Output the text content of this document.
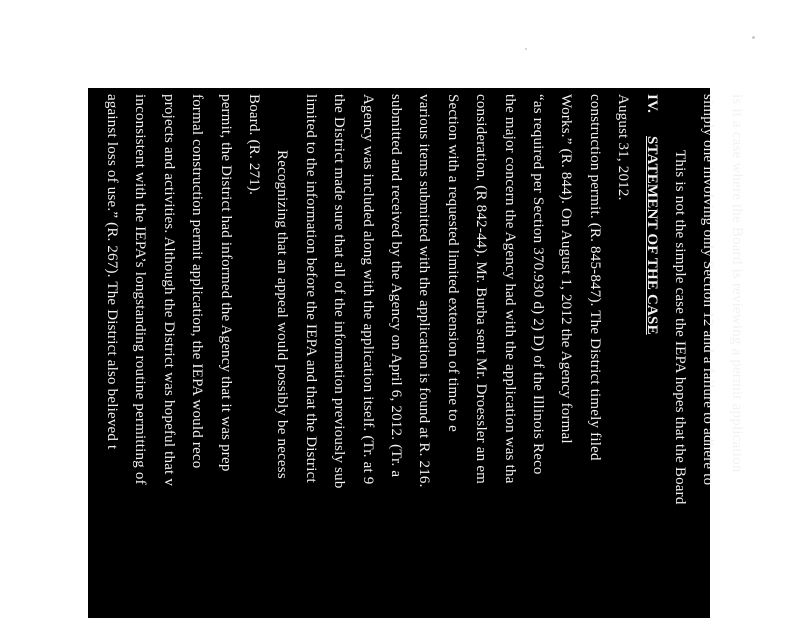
against loss of use.” (R. 267). The District also believed t inconsistent with the IEPA’s longstanding routine permitting of projects and activities. Although the District was hopeful that v formal construction permit application, the IEPA would reco permit, the District had informed the Agency that it was prep Board. (R. 271).
Recognizing that an appeal would possibly be necess limited to the information before the IEPA and that the District the District made sure that all of the information previously sub Agency was included along with the application itself. (Tr. at 9 submitted and received by the Agency on April 6, 2012. (Tr. a various items submitted with the application is found at R. 216. Section with a requested limited extension of time to e consideration. (R 842-44). Mr. Burba sent Mr. Droessler an em the major concern the Agency had with the application was tha “as required per Section 370.930 d) 2) D) of the Illinois Reco Works.” (R. 844). On August 1, 2012 the Agency formal construction permit. (R. 845-847). The District timely filed August 31, 2012. IV. STATEMENT OF THE CASE This is not the simple case the IEPA hopes that the Board simply one involving only Section 12 and a failure to adhere to is it a case where the Board is reviewing a permit application
